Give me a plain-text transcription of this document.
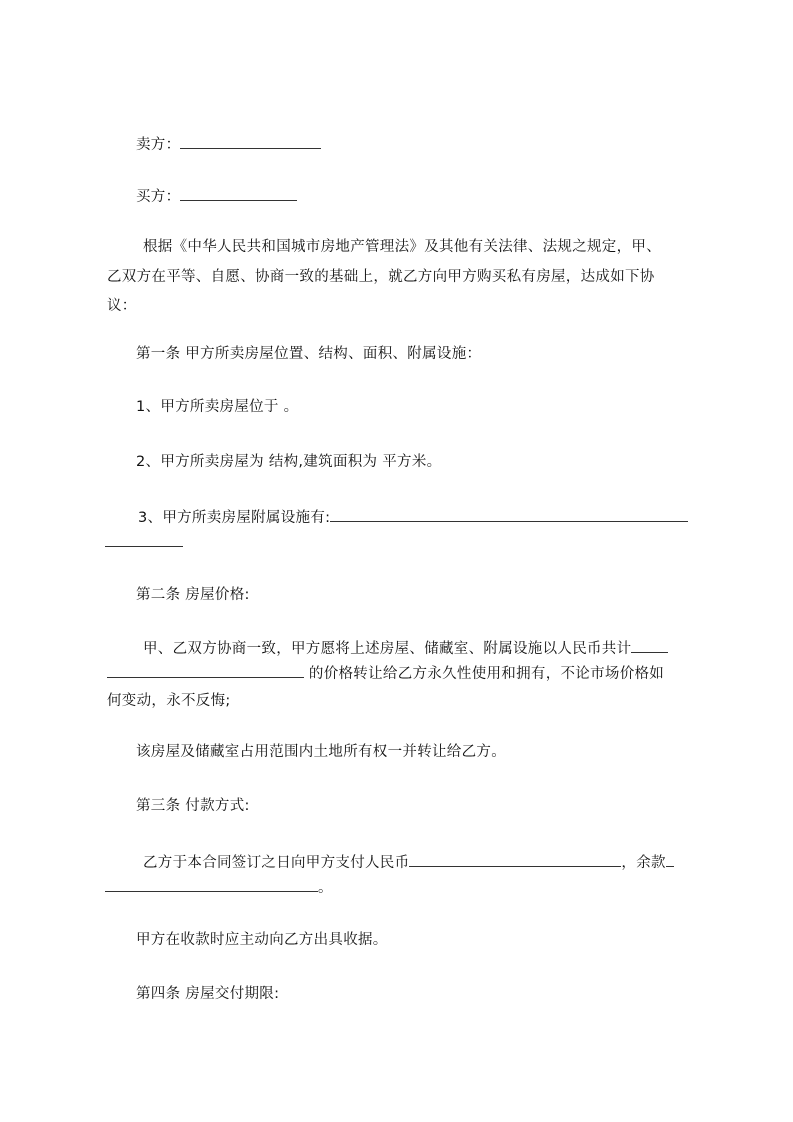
卖方：
买方：
根据《中华人民共和国城市房地产管理法》及其他有关法律、法规之规定，甲、
乙双方在平等、自愿、协商一致的基础上，就乙方向甲方购买私有房屋，达成如下协
议：
第一条 甲方所卖房屋位置、结构、面积、附属设施：
1、甲方所卖房屋位于 。
2、甲方所卖房屋为 结构,建筑面积为 平方米。
3、甲方所卖房屋附属设施有:
第二条 房屋价格:
甲、乙双方协商一致，甲方愿将上述房屋、储藏室、附属设施以人民币共计
的价格转让给乙方永久性使用和拥有，不论市场价格如
何变动，永不反悔;
该房屋及储藏室占用范围内土地所有权一并转让给乙方。
第三条 付款方式:
乙方于本合同签订之日向甲方支付人民币	，余款
。
甲方在收款时应主动向乙方出具收据。
第四条 房屋交付期限:
